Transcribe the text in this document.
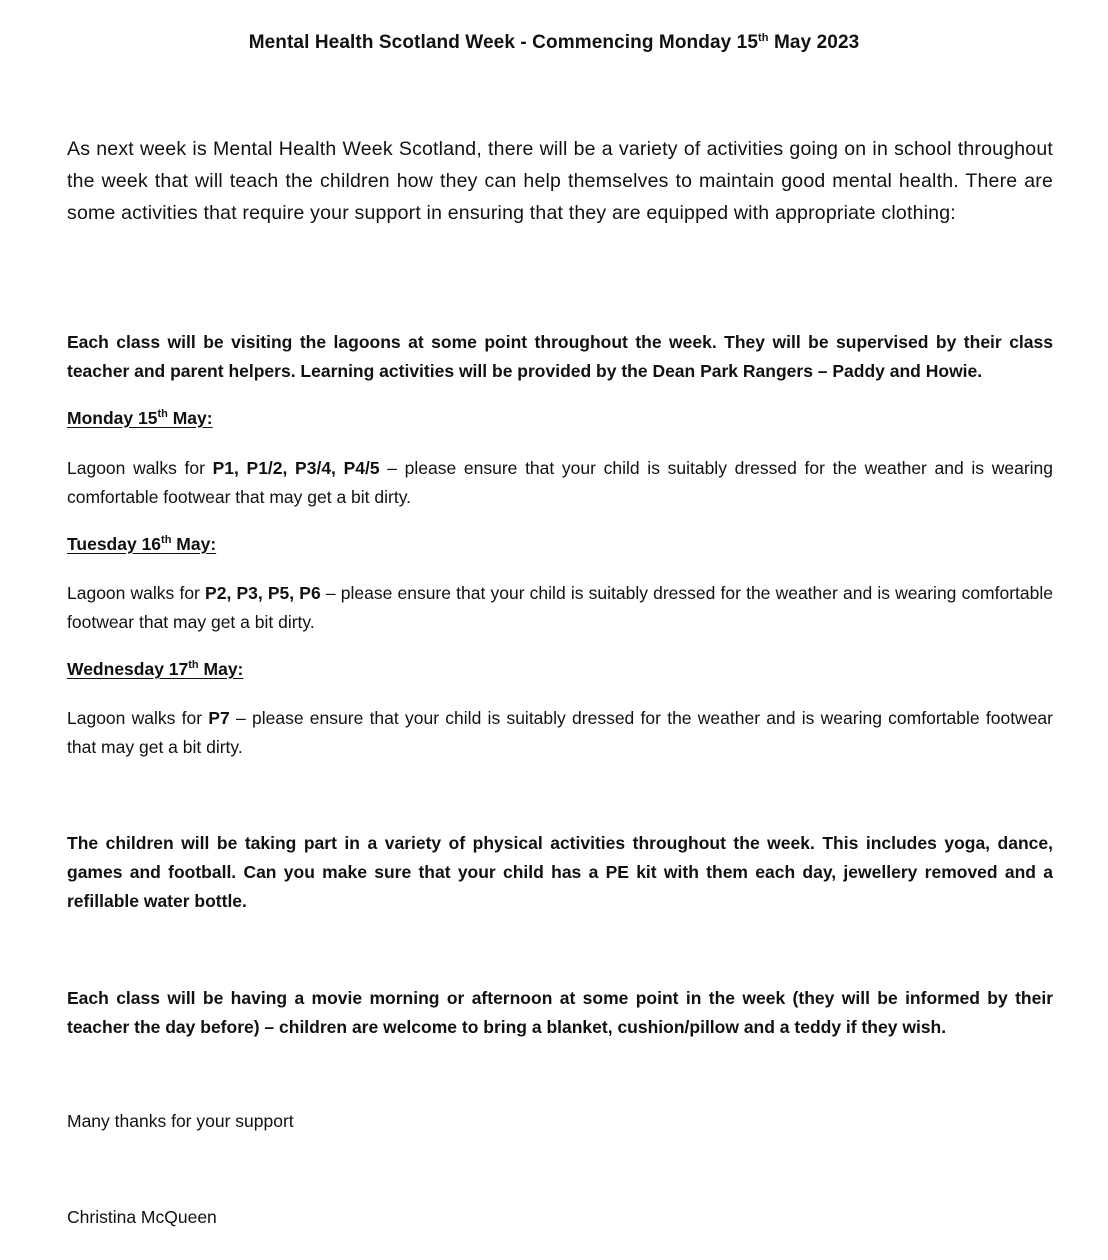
Mental Health Scotland Week - Commencing Monday 15th May 2023
As next week is Mental Health Week Scotland, there will be a variety of activities going on in school throughout the week that will teach the children how they can help themselves to maintain good mental health. There are some activities that require your support in ensuring that they are equipped with appropriate clothing:
Each class will be visiting the lagoons at some point throughout the week. They will be supervised by their class teacher and parent helpers. Learning activities will be provided by the Dean Park Rangers – Paddy and Howie.
Monday 15th May:
Lagoon walks for P1, P1/2, P3/4, P4/5 – please ensure that your child is suitably dressed for the weather and is wearing comfortable footwear that may get a bit dirty.
Tuesday 16th May:
Lagoon walks for P2, P3, P5, P6 – please ensure that your child is suitably dressed for the weather and is wearing comfortable footwear that may get a bit dirty.
Wednesday 17th May:
Lagoon walks for P7 – please ensure that your child is suitably dressed for the weather and is wearing comfortable footwear that may get a bit dirty.
The children will be taking part in a variety of physical activities throughout the week. This includes yoga, dance, games and football. Can you make sure that your child has a PE kit with them each day, jewellery removed and a refillable water bottle.
Each class will be having a movie morning or afternoon at some point in the week (they will be informed by their teacher the day before) – children are welcome to bring a blanket, cushion/pillow and a teddy if they wish.
Many thanks for your support
Christina McQueen
